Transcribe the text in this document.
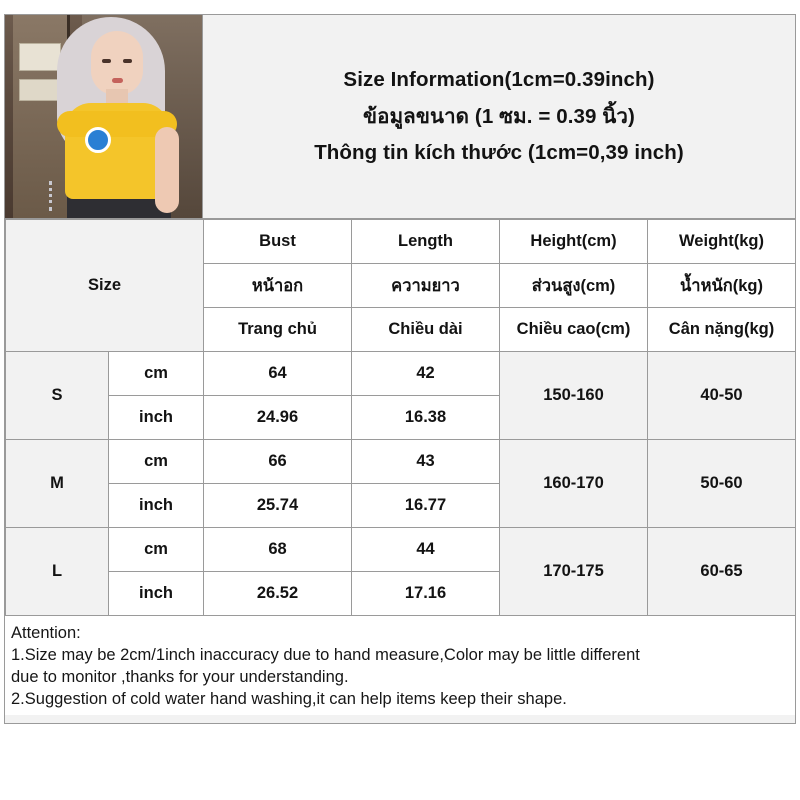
Size Information(1cm=0.39inch)
ข้อมูลขนาด (1 ซม. = 0.39 นิ้ว)
Thông tin kích thước (1cm=0,39 inch)
Size		Bust	Length	Height(cm)	Weight(kg)
		หน้าอก	ความยาว	ส่วนสูง(cm)	น้ำหนัก(kg)
		Trang chủ	Chiều dài	Chiều cao(cm)	Cân nặng(kg)
S	cm	64	42	150-160	40-50
	inch	24.96	16.38		
M	cm	66	43	160-170	50-60
	inch	25.74	16.77		
L	cm	68	44	170-175	60-65
	inch	26.52	17.16		
Attention:
1.Size may be 2cm/1inch inaccuracy due to hand measure,Color may be little different
due to monitor ,thanks for your understanding.
2.Suggestion of cold water hand washing,it can help items keep their shape.
